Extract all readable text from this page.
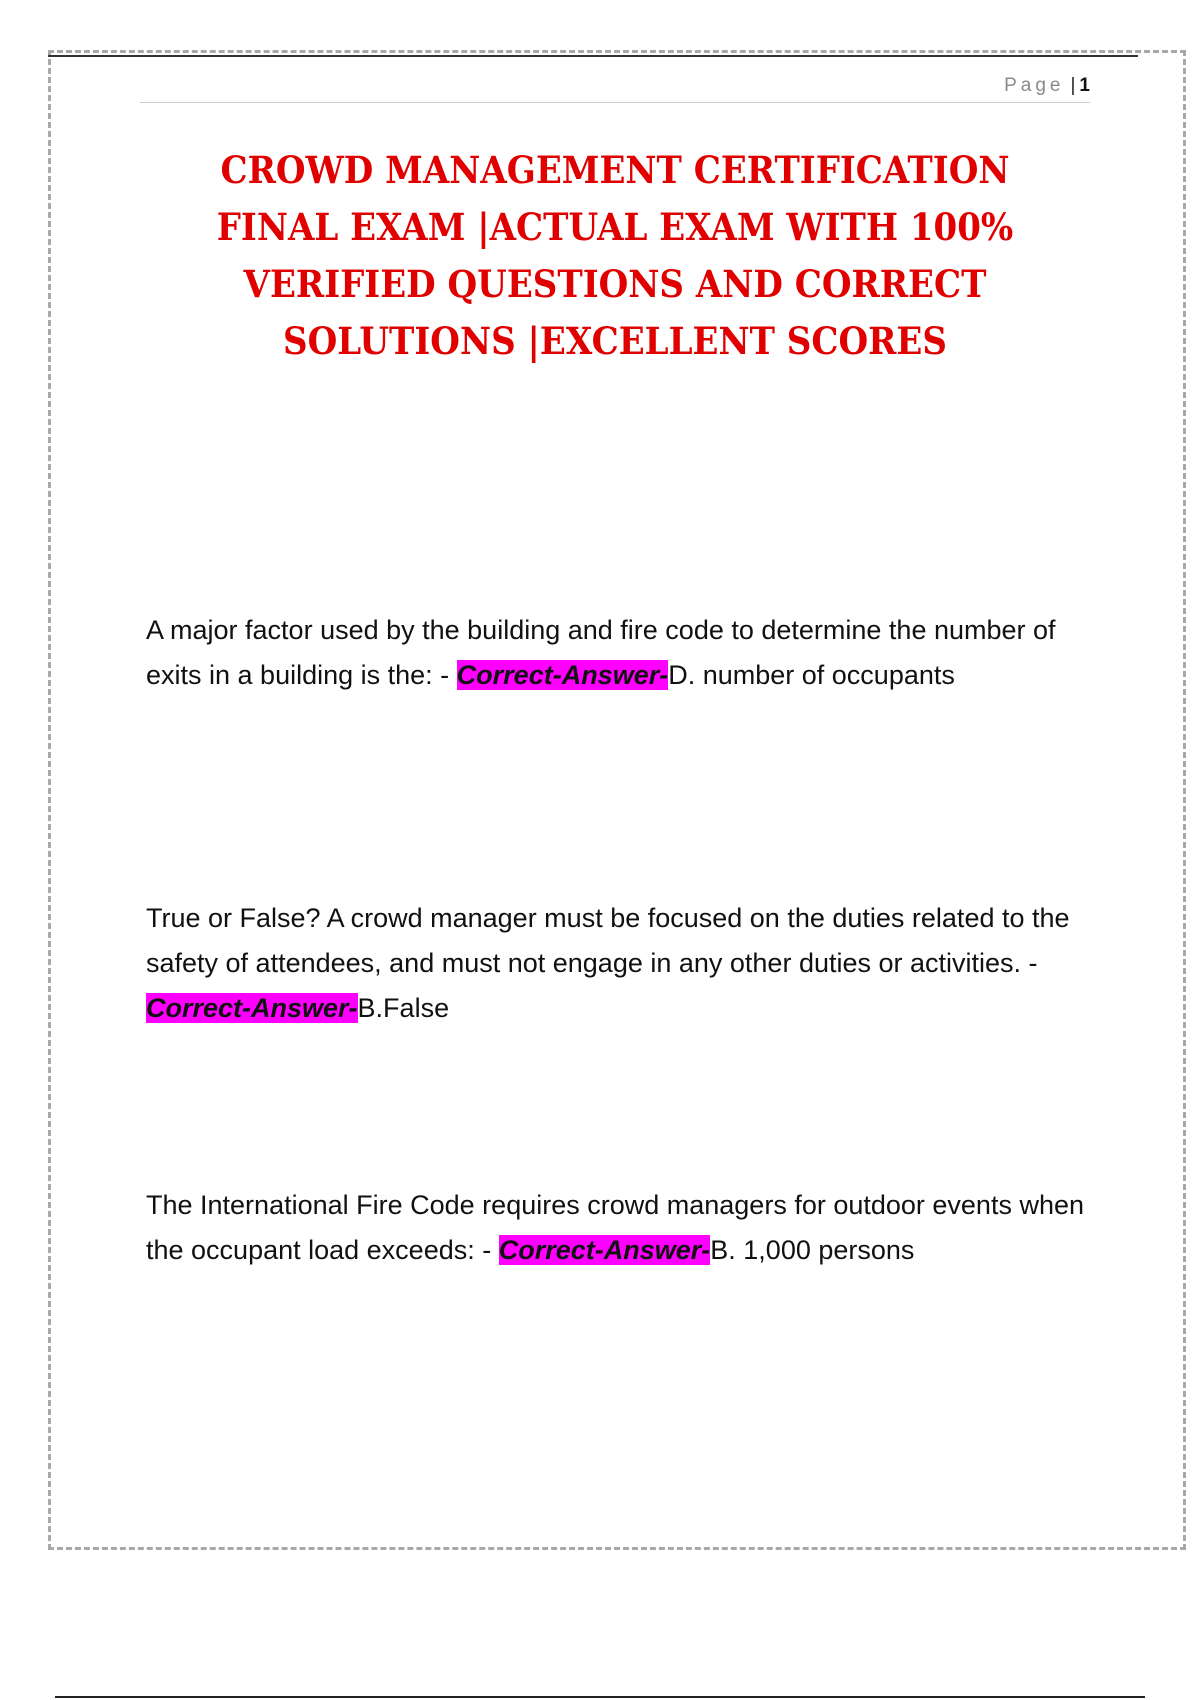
Page | 1
CROWD MANAGEMENT CERTIFICATION FINAL EXAM |ACTUAL EXAM WITH 100% VERIFIED QUESTIONS AND CORRECT SOLUTIONS |EXCELLENT SCORES

A major factor used by the building and fire code to determine the number of exits in a building is the: - Correct-Answer-D. number of occupants

True or False? A crowd manager must be focused on the duties related to the safety of attendees, and must not engage in any other duties or activities. - Correct-Answer-B.False

The International Fire Code requires crowd managers for outdoor events when the occupant load exceeds: - Correct-Answer-B. 1,000 persons
